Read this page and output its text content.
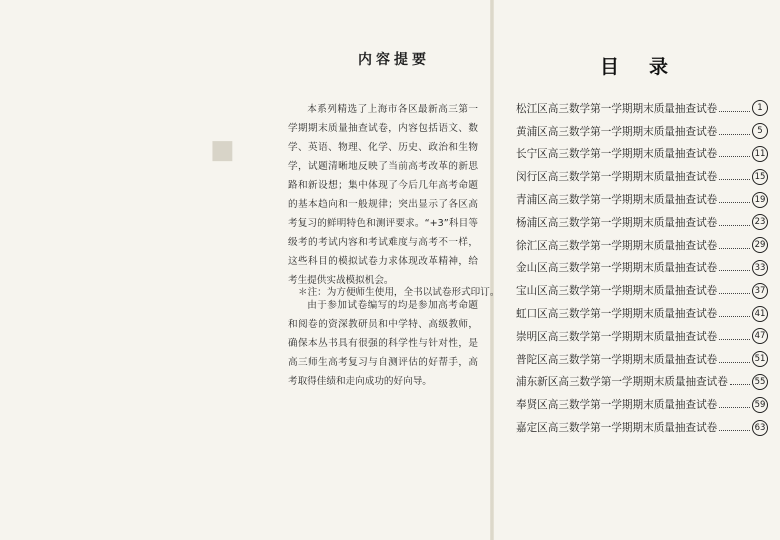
■
内容提要

本系列精选了上海市各区最新高三第一学期期末质量抽查试卷，内容包括语文、数学、英语、物理、化学、历史、政治和生物学，试题清晰地反映了当前高考改革的新思路和新设想；集中体现了今后几年高考命题的基本趋向和一般规律；突出显示了各区高考复习的鲜明特色和测评要求。“+3”科目等级考的考试内容和考试难度与高考不一样，这些科目的模拟试卷力求体现改革精神，给考生提供实战模拟机会。

由于参加试卷编写的均是参加高考命题和阅卷的资深教研员和中学特、高级教师，确保本丛书具有很强的科学性与针对性，是高三师生高考复习与自测评估的好帮手，高考取得佳绩和走向成功的好向导。

＊注：为方便师生使用，全书以试卷形式印订。
目录
松江区高三数学第一学期期末质量抽查试卷	1
黄浦区高三数学第一学期期末质量抽查试卷	5
长宁区高三数学第一学期期末质量抽查试卷	11
闵行区高三数学第一学期期末质量抽查试卷	15
青浦区高三数学第一学期期末质量抽查试卷	19
杨浦区高三数学第一学期期末质量抽查试卷	23
徐汇区高三数学第一学期期末质量抽查试卷	29
金山区高三数学第一学期期末质量抽查试卷	33
宝山区高三数学第一学期期末质量抽查试卷	37
虹口区高三数学第一学期期末质量抽查试卷	41
崇明区高三数学第一学期期末质量抽查试卷	47
普陀区高三数学第一学期期末质量抽查试卷	51
浦东新区高三数学第一学期期末质量抽查试卷	55
奉贤区高三数学第一学期期末质量抽查试卷	59
嘉定区高三数学第一学期期末质量抽查试卷	63
